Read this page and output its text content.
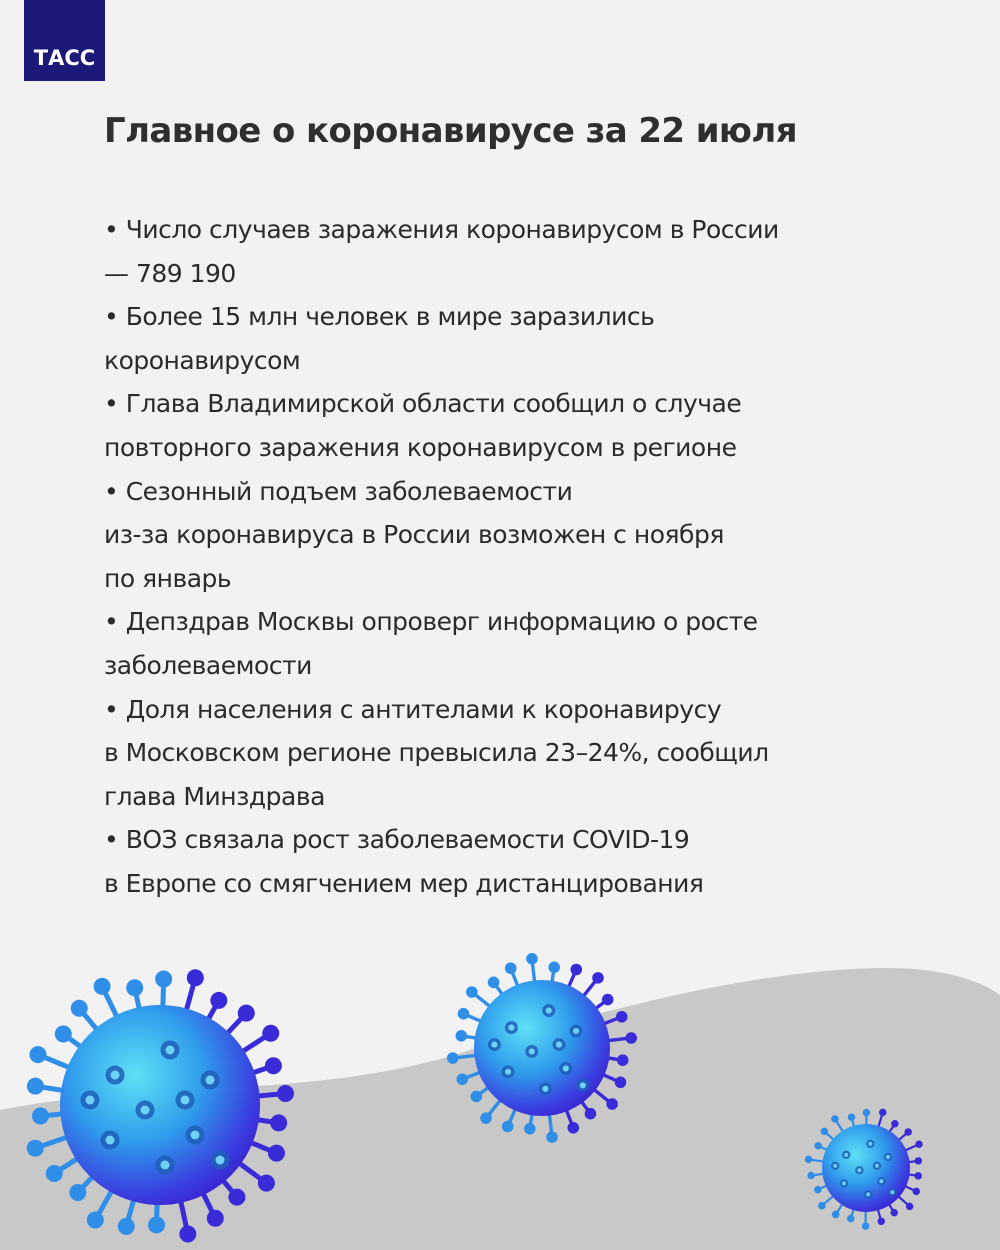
ТАСС
Главное о коронавирусе за 22 июля
• Число случаев заражения коронавирусом в России
— 789 190
• Более 15 млн человек в мире заразились
коронавирусом
• Глава Владимирской области сообщил о случае
повторного заражения коронавирусом в регионе
• Сезонный подъем заболеваемости
из-за коронавируса в России возможен с ноября
по январь
• Депздрав Москвы опроверг информацию о росте
заболеваемости
• Доля населения с антителами к коронавирусу
в Московском регионе превысила 23–24%, сообщил
глава Минздрава
• ВОЗ связала рост заболеваемости COVID-19
в Европе со смягчением мер дистанцирования
